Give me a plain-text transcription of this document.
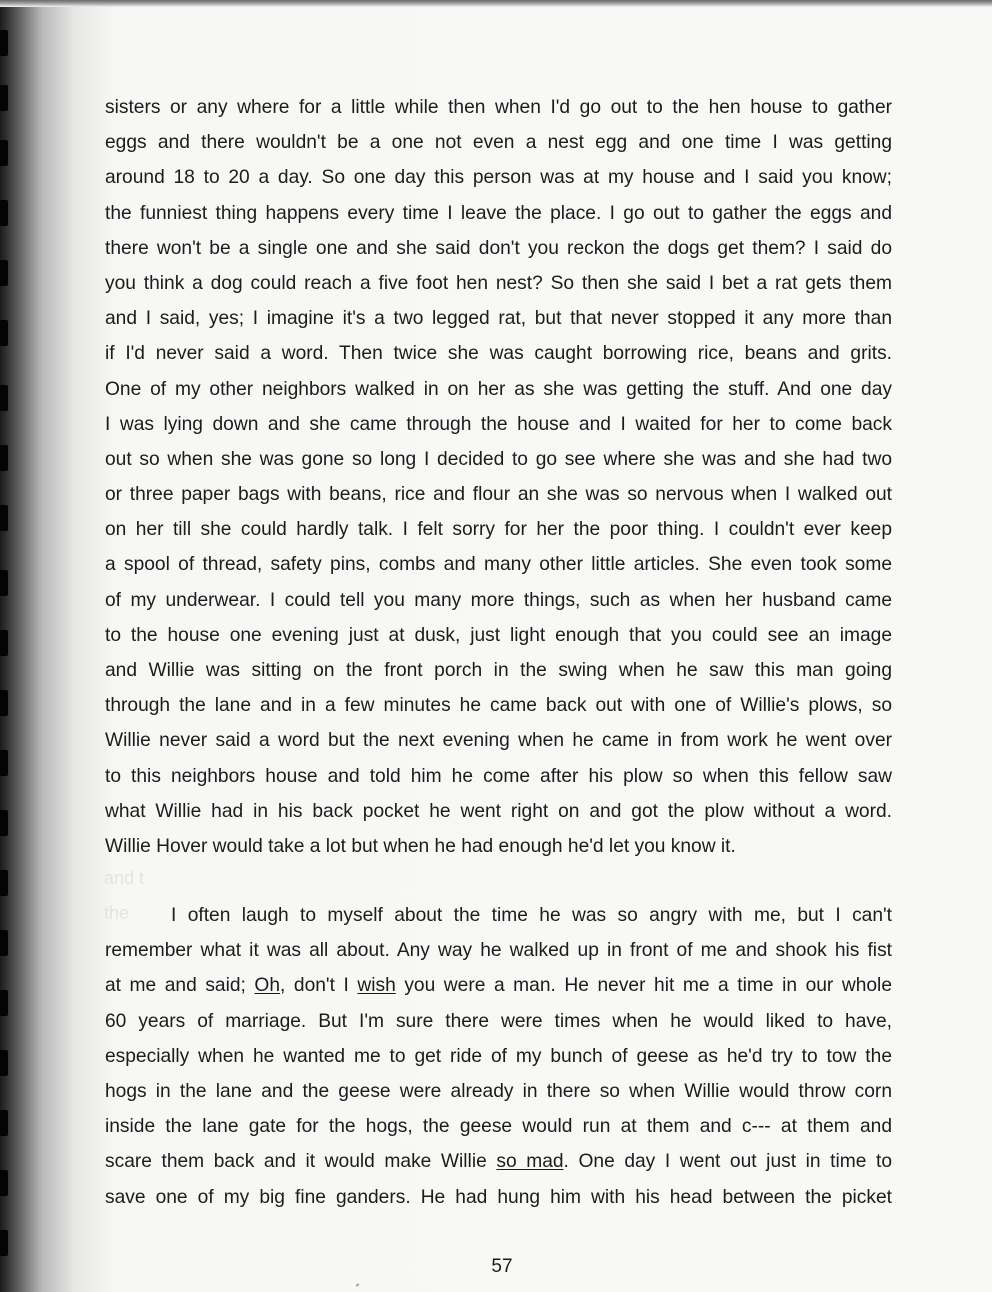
and t
the
sisters or any where for a little while then when I'd go out to the hen house to gather
eggs and there wouldn't be a one not even a nest egg and one time I was getting
around 18 to 20 a day. So one day this person was at my house and I said you know;
the funniest thing happens every time I leave the place. I go out to gather the eggs and
there won't be a single one and she said don't you reckon the dogs get them? I said do
you think a dog could reach a five foot hen nest? So then she said I bet a rat gets them
and I said, yes; I imagine it's a two legged rat, but that never stopped it any more than
if I'd never said a word. Then twice she was caught borrowing rice, beans and grits.
One of my other neighbors walked in on her as she was getting the stuff. And one day
I was lying down and she came through the house and I waited for her to come back
out so when she was gone so long I decided to go see where she was and she had two
or three paper bags with beans, rice and flour an she was so nervous when I walked out
on her till she could hardly talk. I felt sorry for her the poor thing. I couldn't ever keep
a spool of thread, safety pins, combs and many other little articles. She even took some
of my underwear. I could tell you many more things, such as when her husband came
to the house one evening just at dusk, just light enough that you could see an image
and Willie was sitting on the front porch in the swing when he saw this man going
through the lane and in a few minutes he came back out with one of Willie's plows, so
Willie never said a word but the next evening when he came in from work he went over
to this neighbors house and told him he come after his plow so when this fellow saw
what Willie had in his back pocket he went right on and got the plow without a word.
Willie Hover would take a lot but when he had enough he'd let you know it.
I often laugh to myself about the time he was so angry with me, but I can't
remember what it was all about. Any way he walked up in front of me and shook his fist
at me and said; Oh, don't I wish you were a man. He never hit me a time in our whole
60 years of marriage. But I'm sure there were times when he would liked to have,
especially when he wanted me to get ride of my bunch of geese as he'd try to tow the
hogs in the lane and the geese were already in there so when Willie would throw corn
inside the lane gate for the hogs, the geese would run at them and c--- at them and
scare them back and it would make Willie so mad. One day I went out just in time to
save one of my big fine ganders. He had hung him with his head between the picket
57
